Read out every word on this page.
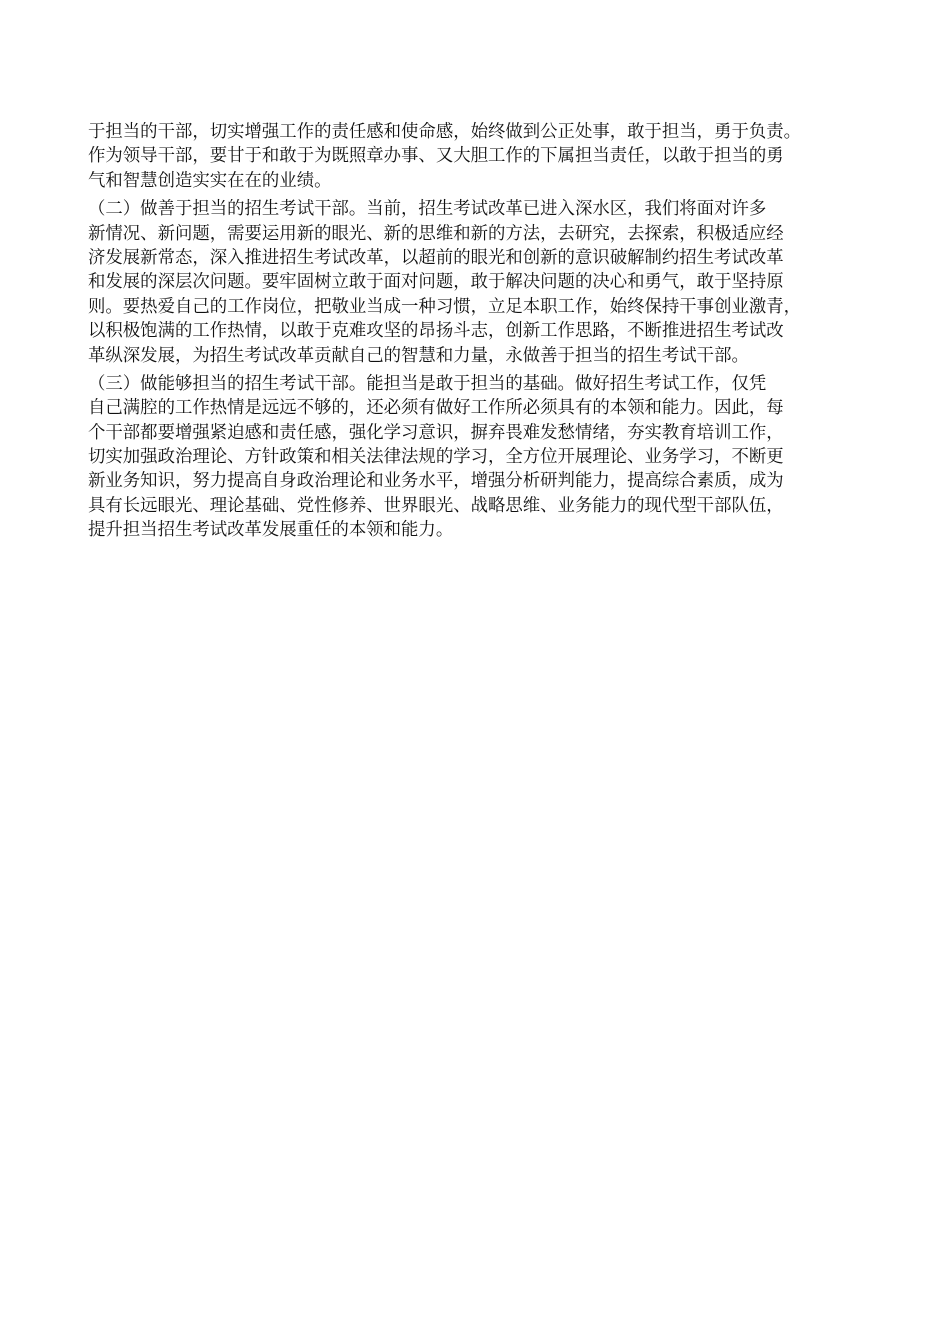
于担当的干部，切实增强工作的责任感和使命感，始终做到公正处事，敢于担当，勇于负责。
作为领导干部，要甘于和敢于为既照章办事、又大胆工作的下属担当责任，以敢于担当的勇
气和智慧创造实实在在的业绩。
（二）做善于担当的招生考试干部。当前，招生考试改革已进入深水区，我们将面对许多
新情况、新问题，需要运用新的眼光、新的思维和新的方法，去研究，去探索，积极适应经
济发展新常态，深入推进招生考试改革，以超前的眼光和创新的意识破解制约招生考试改革
和发展的深层次问题。要牢固树立敢于面对问题，敢于解决问题的决心和勇气，敢于坚持原
则。要热爱自己的工作岗位，把敬业当成一种习惯，立足本职工作，始终保持干事创业激青，
以积极饱满的工作热情，以敢于克难攻坚的昂扬斗志，创新工作思路，不断推进招生考试改
革纵深发展，为招生考试改革贡献自己的智慧和力量，永做善于担当的招生考试干部。
（三）做能够担当的招生考试干部。能担当是敢于担当的基础。做好招生考试工作，仅凭
自己满腔的工作热情是远远不够的，还必须有做好工作所必须具有的本领和能力。因此，每
个干部都要增强紧迫感和责任感，强化学习意识，摒弃畏难发愁情绪，夯实教育培训工作，
切实加强政治理论、方针政策和相关法律法规的学习，全方位开展理论、业务学习，不断更
新业务知识，努力提高自身政治理论和业务水平，增强分析研判能力，提高综合素质，成为
具有长远眼光、理论基础、党性修养、世界眼光、战略思维、业务能力的现代型干部队伍，
提升担当招生考试改革发展重任的本领和能力。
